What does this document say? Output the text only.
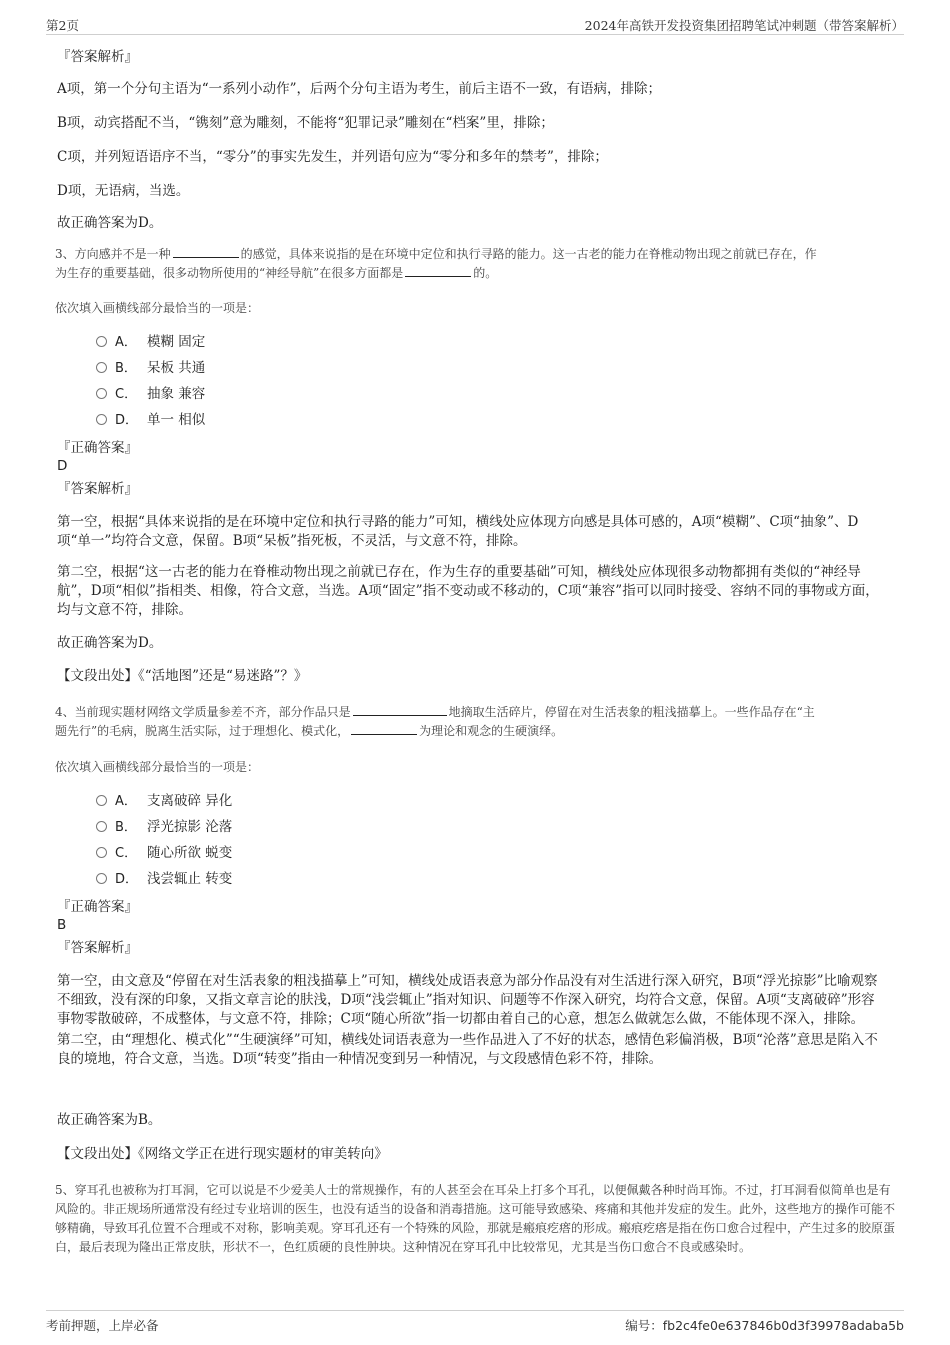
第2页	2024年高铁开发投资集团招聘笔试冲刺题（带答案解析）
『答案解析』
A项，第一个分句主语为“一系列小动作”，后两个分句主语为考生，前后主语不一致，有语病，排除；
B项，动宾搭配不当，“镌刻”意为雕刻，不能将“犯罪记录”雕刻在“档案”里，排除；
C项，并列短语语序不当，“零分”的事实先发生，并列语句应为“零分和多年的禁考”，排除；
D项，无语病，当选。
故正确答案为D。
3、方向感并不是一种	的感觉，具体来说指的是在环境中定位和执行寻路的能力。这一古老的能力在脊椎动物出现之前就已存在，作
为生存的重要基础，很多动物所使用的“神经导航”在很多方面都是	的。
依次填入画横线部分最恰当的一项是：
A． 模糊 固定
B． 呆板 共通
C． 抽象 兼容
D． 单一 相似
『正确答案』
D
『答案解析』
第一空，根据“具体来说指的是在环境中定位和执行寻路的能力”可知，横线处应体现方向感是具体可感的，A项“模糊”、C项“抽象”、D项“单一”均符合文意，保留。B项“呆板”指死板，不灵活，与文意不符，排除。
第二空，根据“这一古老的能力在脊椎动物出现之前就已存在，作为生存的重要基础”可知，横线处应体现很多动物都拥有类似的“神经导航”，D项“相似”指相类、相像，符合文意，当选。A项“固定”指不变动或不移动的，C项“兼容”指可以同时接受、容纳不同的事物或方面，均与文意不符，排除。
故正确答案为D。
【文段出处】《“活地图”还是“易迷路”？》
4、当前现实题材网络文学质量参差不齐，部分作品只是	地摘取生活碎片，停留在对生活表象的粗浅描摹上。一些作品存在“主
题先行”的毛病，脱离生活实际，过于理想化、模式化，	为理论和观念的生硬演绎。
依次填入画横线部分最恰当的一项是：
A． 支离破碎 异化
B． 浮光掠影 沦落
C． 随心所欲 蜕变
D． 浅尝辄止 转变
『正确答案』
B
『答案解析』
第一空，由文意及“停留在对生活表象的粗浅描摹上”可知，横线处成语表意为部分作品没有对生活进行深入研究，B项“浮光掠影”比喻观察不细致，没有深的印象，又指文章言论的肤浅，D项“浅尝辄止”指对知识、问题等不作深入研究，均符合文意，保留。A项“支离破碎”形容事物零散破碎，不成整体，与文意不符，排除；C项“随心所欲”指一切都由着自己的心意，想怎么做就怎么做，不能体现不深入，排除。
第二空，由“理想化、模式化”“生硬演绎”可知，横线处词语表意为一些作品进入了不好的状态，感情色彩偏消极，B项“沦落”意思是陷入不良的境地，符合文意，当选。D项“转变”指由一种情况变到另一种情况，与文段感情色彩不符，排除。
故正确答案为B。
【文段出处】《网络文学正在进行现实题材的审美转向》
5、穿耳孔也被称为打耳洞，它可以说是不少爱美人士的常规操作，有的人甚至会在耳朵上打多个耳孔，以便佩戴各种时尚耳饰。不过，打耳洞看似简单也是有风险的。非正规场所通常没有经过专业培训的医生，也没有适当的设备和消毒措施。这可能导致感染、疼痛和其他并发症的发生。此外，这些地方的操作可能不够精确，导致耳孔位置不合理或不对称，影响美观。穿耳孔还有一个特殊的风险，那就是瘢痕疙瘩的形成。瘢痕疙瘩是指在伤口愈合过程中，产生过多的胶原蛋白，最后表现为隆出正常皮肤，形状不一，色红质硬的良性肿块。这种情况在穿耳孔中比较常见，尤其是当伤口愈合不良或感染时。
考前押题，上岸必备	编号：fb2c4fe0e637846b0d3f39978adaba5b
